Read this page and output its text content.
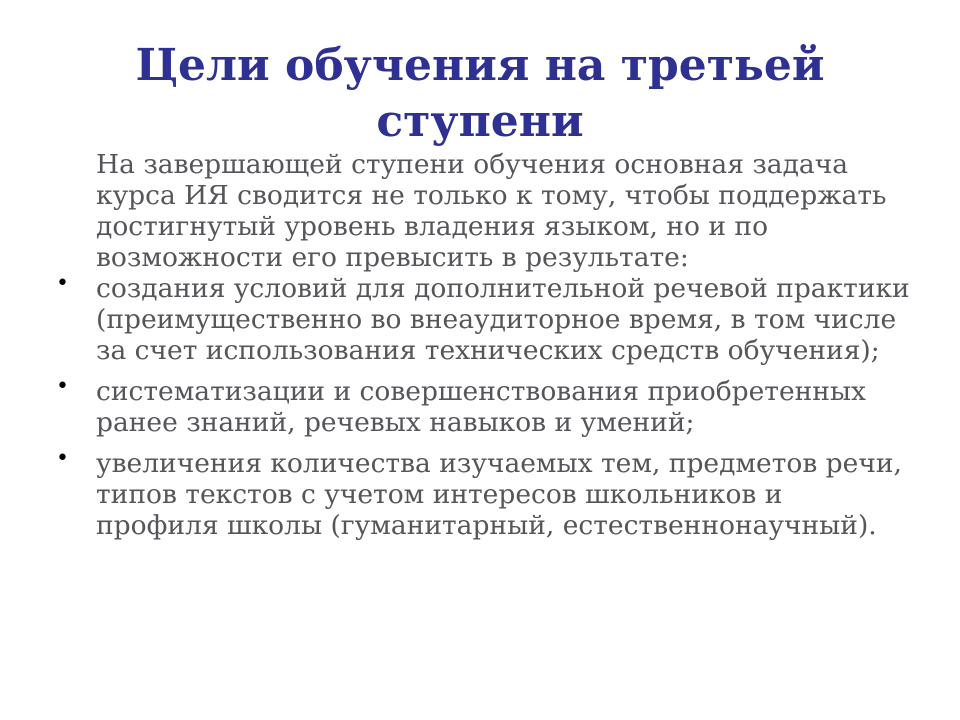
Цели обучения на третьей ступени

На завершающей ступени обучения основная задача курса ИЯ сводится не только к тому, чтобы поддержать достигнутый уровень владения языком, но и по возможности его превысить в результате:

• создания условий для дополнительной речевой практики (преимущественно во внеаудиторное время, в том числе за счет использования технических средств обучения);
• систематизации и совершенствования приобретенных ранее знаний, речевых навыков и умений;
• увеличения количества изучаемых тем, предметов речи, типов текстов с учетом интересов школьников и профиля школы (гуманитарный, естественнонаучный).
